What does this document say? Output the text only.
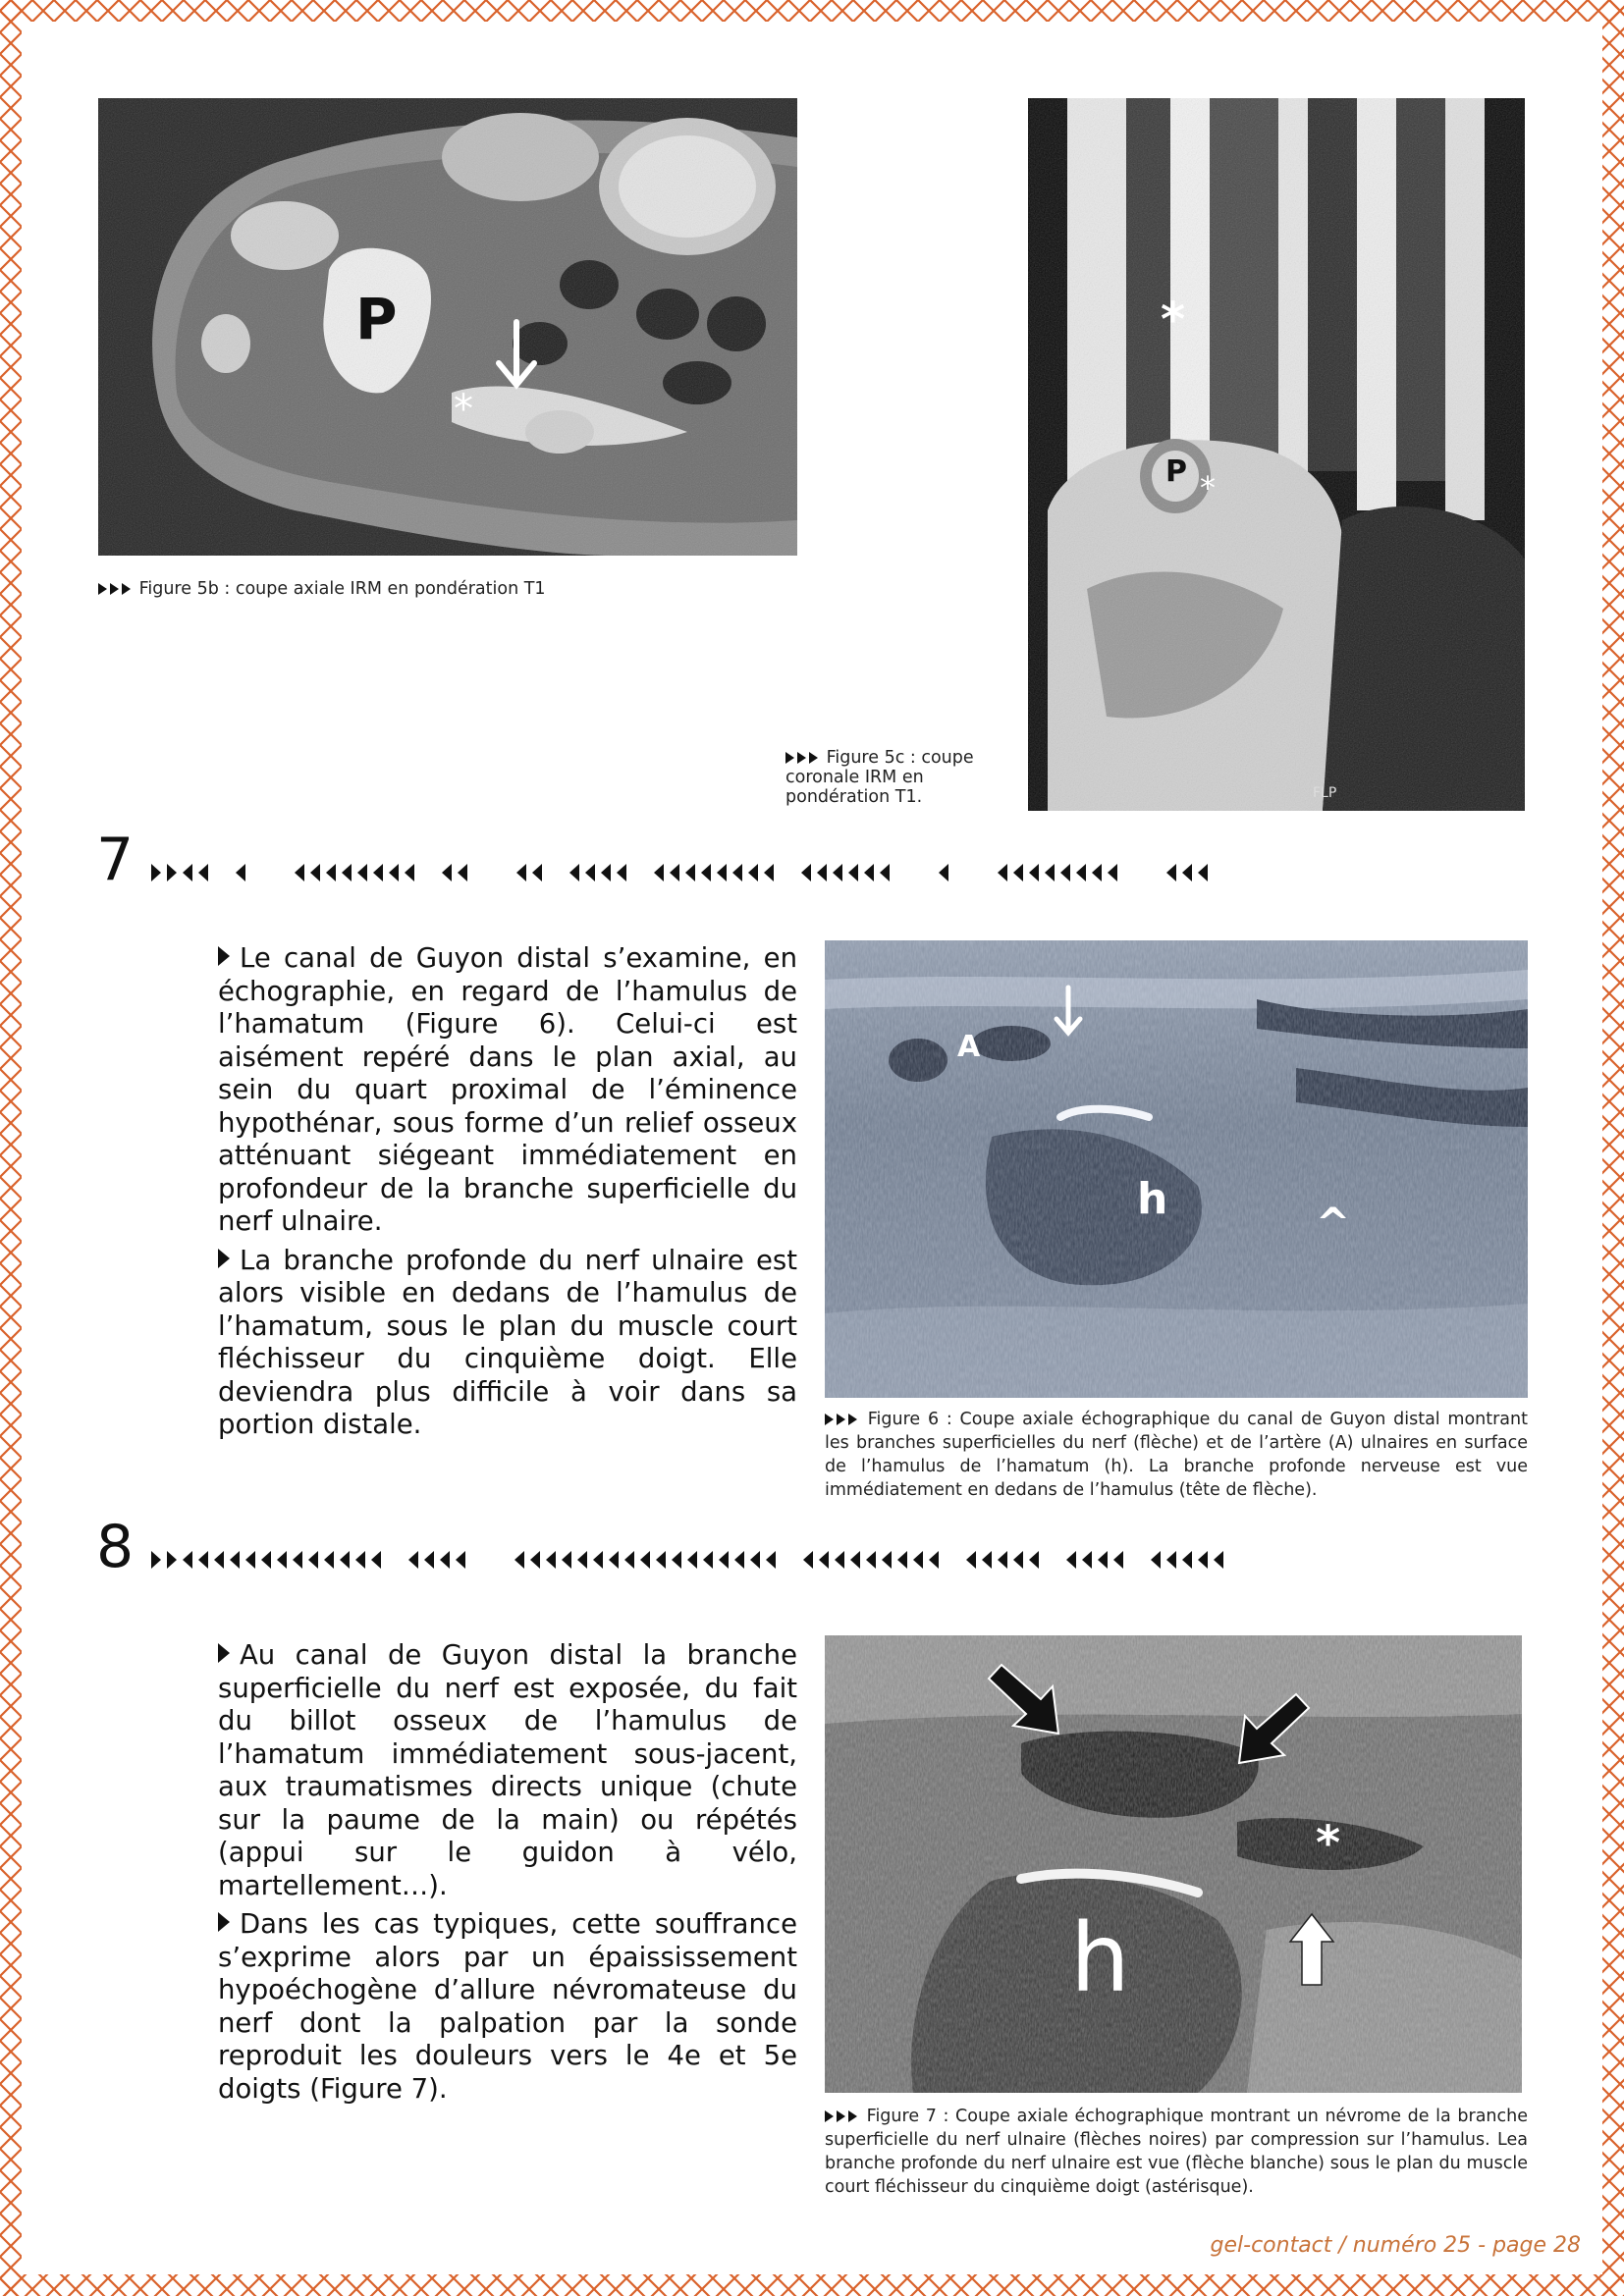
P
*
Figure 5b : coupe axiale IRM en pondération T1
*
P *
FLP
Figure 5c : coupe coronale IRM en pondération T1.
7

Le canal de Guyon distal s’examine, en échographie, en regard de l’hamulus de l’hamatum (Figure 6). Celui-ci est aisément repéré dans le plan axial, au sein du quart proximal de l’éminence hypothénar, sous forme d’un relief osseux atténuant siégeant immédiatement en profondeur de la branche superficielle du nerf ulnaire.

La branche profonde du nerf ulnaire est alors visible en dedans de l’hamulus de l’hamatum, sous le plan du muscle court fléchisseur du cinquième doigt. Elle deviendra plus difficile à voir dans sa portion distale.

A
h	^
Figure 6 : Coupe axiale échographique du canal de Guyon distal montrant les branches superficielles du nerf (flèche) et de l’artère (A) ulnaires en surface de l’hamulus de l’hamatum (h). La branche profonde nerveuse est vue immédiatement en dedans de l’hamulus (tête de flèche).
8

Au canal de Guyon distal la branche superficielle du nerf est exposée, du fait du billot osseux de l’hamulus de l’hamatum immédiatement sous-jacent, aux traumatismes directs unique (chute sur la paume de la main) ou répétés (appui sur le guidon à vélo, martellement…).

Dans les cas typiques, cette souffrance s’exprime alors par un épaississement hypoéchogène d’allure névromateuse du nerf dont la palpation par la sonde reproduit les douleurs vers le 4e et 5e doigts (Figure 7).

*
h
Figure 7 : Coupe axiale échographique montrant un névrome de la branche superficielle du nerf ulnaire (flèches noires) par compression sur l’hamulus. Lea branche profonde du nerf ulnaire est vue (flèche blanche) sous le plan du muscle court fléchisseur du cinquième doigt (astérisque).
gel-contact / numéro 25 - page 28
